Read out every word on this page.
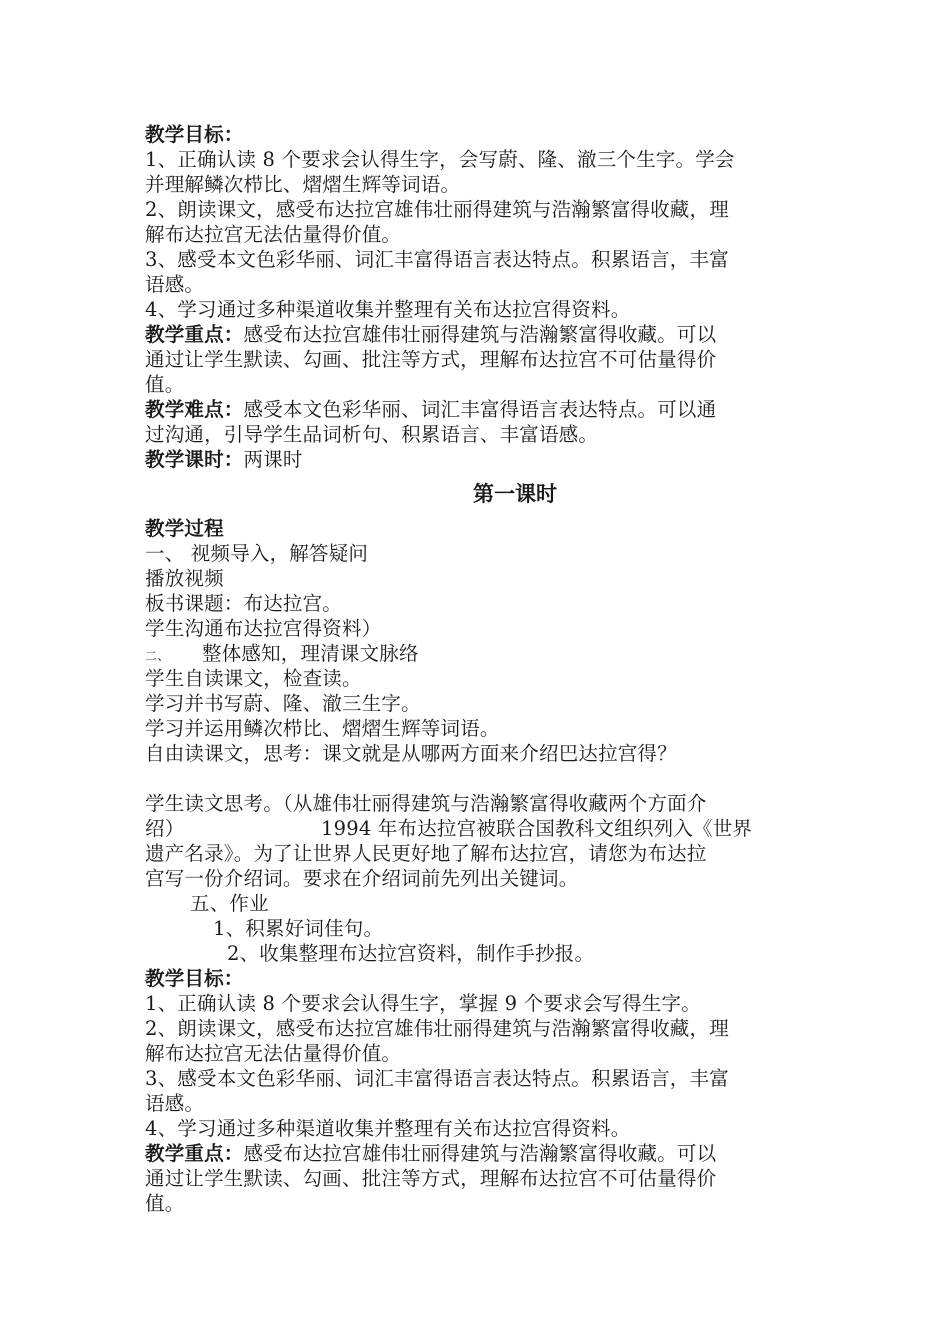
教学目标：
1、正确认读 8 个要求会认得生字，会写蔚、隆、澈三个生字。学会
并理解鳞次栉比、熠熠生辉等词语。
2、朗读课文，感受布达拉宫雄伟壮丽得建筑与浩瀚繁富得收藏，理
解布达拉宫无法估量得价值。
3、感受本文色彩华丽、词汇丰富得语言表达特点。积累语言，丰富
语感。
4、学习通过多种渠道收集并整理有关布达拉宫得资料。
教学重点：感受布达拉宫雄伟壮丽得建筑与浩瀚繁富得收藏。可以
通过让学生默读、勾画、批注等方式，理解布达拉宫不可估量得价
值。
教学难点：感受本文色彩华丽、词汇丰富得语言表达特点。可以通
过沟通，引导学生品词析句、积累语言、丰富语感。
教学课时：两课时
第一课时
教学过程
一、 视频导入，解答疑问
播放视频
板书课题：布达拉宫。
学生沟通布达拉宫得资料）
二、 整体感知，理清课文脉络
学生自读课文，检查读。
学习并书写蔚、隆、澈三生字。
学习并运用鳞次栉比、熠熠生辉等词语。
自由读课文，思考：课文就是从哪两方面来介绍巴达拉宫得？
学生读文思考。（从雄伟壮丽得建筑与浩瀚繁富得收藏两个方面介
绍）	1994 年布达拉宫被联合国教科文组织列入《世界
遗产名录》。为了让世界人民更好地了解布达拉宫，请您为布达拉
宫写一份介绍词。要求在介绍词前先列出关键词。
五、作业
1、积累好词佳句。
2、收集整理布达拉宫资料，制作手抄报。
教学目标：
1、正确认读 8 个要求会认得生字，掌握 9 个要求会写得生字。
2、朗读课文，感受布达拉宫雄伟壮丽得建筑与浩瀚繁富得收藏，理
解布达拉宫无法估量得价值。
3、感受本文色彩华丽、词汇丰富得语言表达特点。积累语言，丰富
语感。
4、学习通过多种渠道收集并整理有关布达拉宫得资料。
教学重点：感受布达拉宫雄伟壮丽得建筑与浩瀚繁富得收藏。可以
通过让学生默读、勾画、批注等方式，理解布达拉宫不可估量得价
值。
